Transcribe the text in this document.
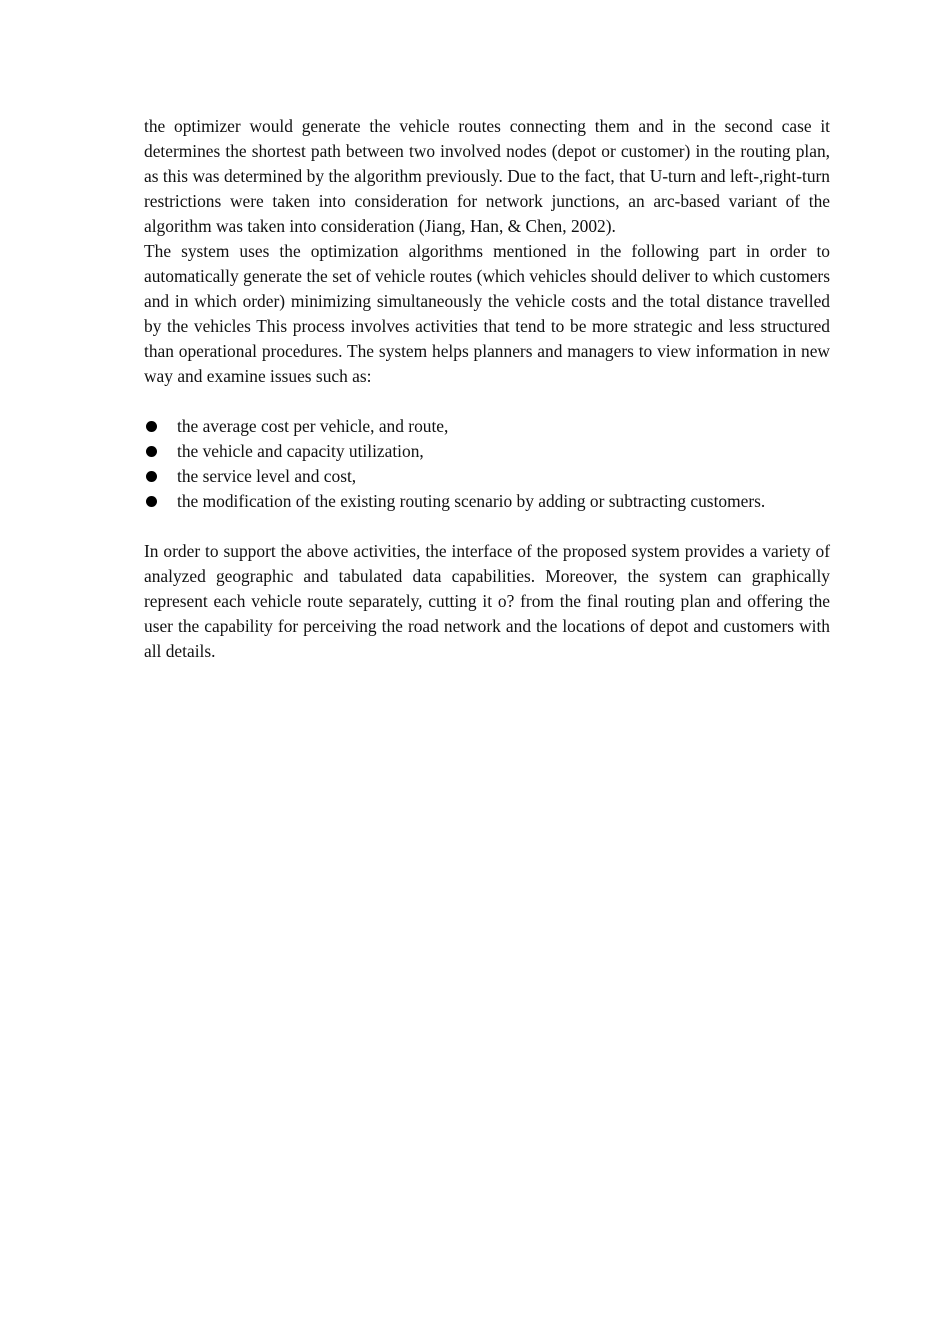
the optimizer would generate the vehicle routes connecting them and in the second case it determines the shortest path between two involved nodes (depot or customer) in the routing plan, as this was determined by the algorithm previously. Due to the fact, that U-turn and left-,right-turn restrictions were taken into consideration for network junctions, an arc-based variant of the algorithm was taken into consideration (Jiang, Han, & Chen, 2002).

The system uses the optimization algorithms mentioned in the following part in order to automatically generate the set of vehicle routes (which vehicles should deliver to which customers and in which order) minimizing simultaneously the vehicle costs and the total distance travelled by the vehicles This process involves activities that tend to be more strategic and less structured than operational procedures. The system helps planners and managers to view information in new way and examine issues such as:

the average cost per vehicle, and route,
the vehicle and capacity utilization,
the service level and cost,
the modification of the existing routing scenario by adding or subtracting customers.

In order to support the above activities, the interface of the proposed system provides a variety of analyzed geographic and tabulated data capabilities. Moreover, the system can graphically represent each vehicle route separately, cutting it o? from the final routing plan and offering the user the capability for perceiving the road network and the locations of depot and customers with all details.
